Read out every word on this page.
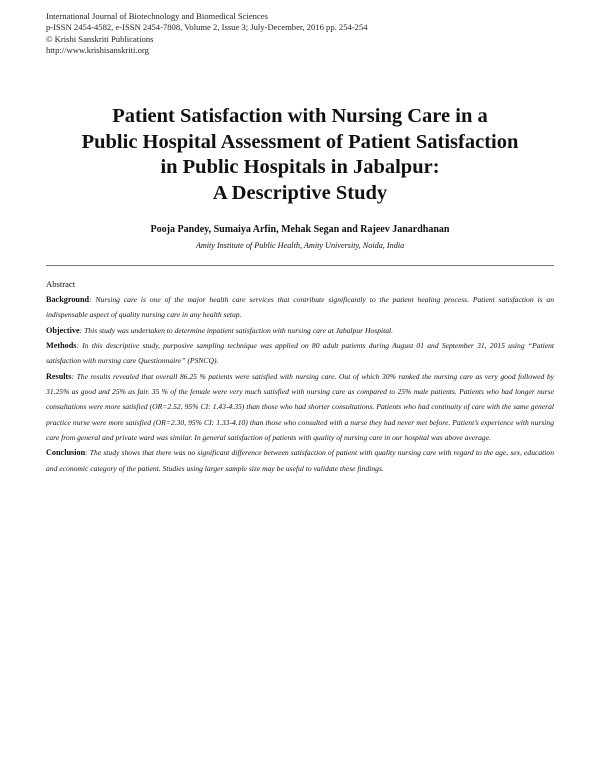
International Journal of Biotechnology and Biomedical Sciences
p-ISSN 2454-4582, e-ISSN 2454-7808, Volume 2, Issue 3; July-December, 2016 pp. 254-254
© Krishi Sanskriti Publications
http://www.krishisanskriti.org
Patient Satisfaction with Nursing Care in a
Public Hospital Assessment of Patient Satisfaction
in Public Hospitals in Jabalpur:
A Descriptive Study
Pooja Pandey, Sumaiya Arfin, Mehak Segan and Rajeev Janardhanan
Amity Institute of Public Health, Amity University, Noida, India
Abstract
Background: Nursing care is one of the major health care services that contribute significantly to the patient healing process. Patient satisfaction is an indispensable aspect of quality nursing care in any health setup.
Objective: This study was undertaken to determine inpatient satisfaction with nursing care at Jabalpur Hospital.
Methods: In this descriptive study, purposive sampling technique was applied on 80 adult patients during August 01 and September 31, 2015 using “Patient satisfaction with nursing care Questionnaire” (PSNCQ).
Results: The results revealed that overall 86.25 % patients were satisfied with nursing care. Out of which 30% ranked the nursing care as very good followed by 31.25% as good and 25% as fair. 35 % of the female were very much satisfied with nursing care as compared to 25% male patients. Patients who had longer nurse consultations were more satisfied (OR=2.52, 95% CI: 1.43-4.35) than those who had shorter consultations. Patients who had continuity of care with the same general practice nurse were more satisfied (OR=2.30, 95% CI: 1.33-4.10) than those who consulted with a nurse they had never met before. Patient’s experience with nursing care from general and private ward was similar. In general satisfaction of patients with quality of nursing care in our hospital was above average.
Conclusion: The study shows that there was no significant difference between satisfaction of patient with quality nursing care with regard to the age, sex, education and economic category of the patient. Studies using larger sample size may be useful to validate these findings.
